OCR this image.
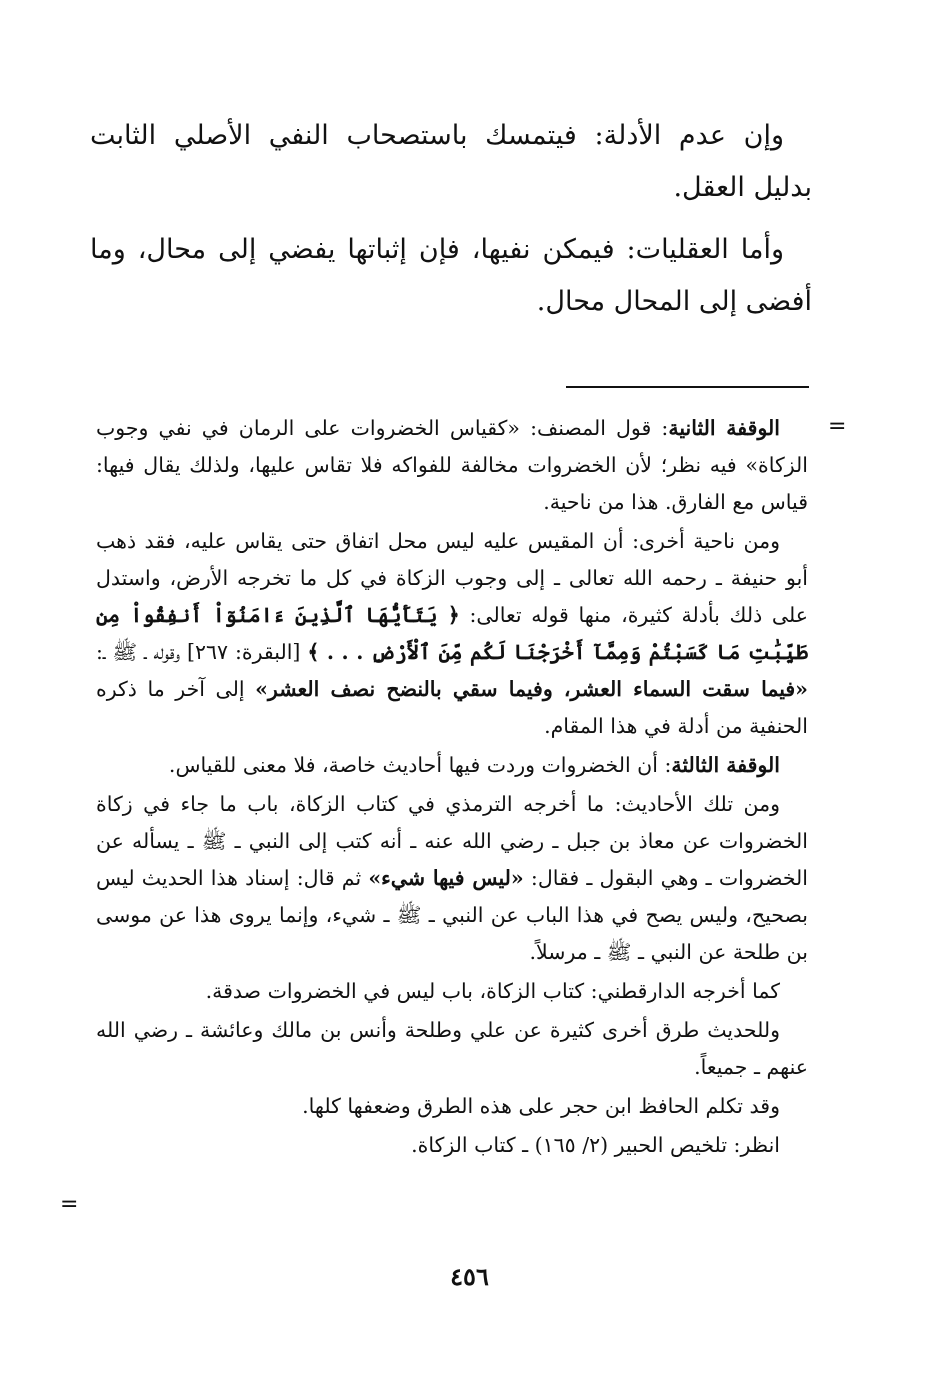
وإن عدم الأدلة: فيتمسك باستصحاب النفي الأصلي الثابت بدليل العقل.

وأما العقليات: فيمكن نفيها، فإن إثباتها يفضي إلى محال، وما أفضى إلى المحال محال.

=

الوقفة الثانية: قول المصنف: «كقياس الخضروات على الرمان في نفي وجوب الزكاة» فيه نظر؛ لأن الخضروات مخالفة للفواكه فلا تقاس عليها، ولذلك يقال فيها: قياس مع الفارق. هذا من ناحية.

ومن ناحية أخرى: أن المقيس عليه ليس محل اتفاق حتى يقاس عليه، فقد ذهب أبو حنيفة ـ رحمه الله تعالى ـ إلى وجوب الزكاة في كل ما تخرجه الأرض، واستدل على ذلك بأدلة كثيرة، منها قوله تعالى: ﴿ يَتَأَيُّهَا ٱلَّذِينَ ءَامَنُوٓاْ أَنفِقُواْ مِن طَيِّبَٰتِ مَا كَسَبْتُمْ وَمِمَّآ أَخْرَجْنَا لَكُم مِّنَ ٱلْأَرْضِ . . . ﴾ [البقرة: ٢٦٧] وقوله ـ ﷺ ـ: «فيما سقت السماء العشر، وفيما سقي بالنضح نصف العشر» إلى آخر ما ذكره الحنفية من أدلة في هذا المقام.

الوقفة الثالثة: أن الخضروات وردت فيها أحاديث خاصة، فلا معنى للقياس.

ومن تلك الأحاديث: ما أخرجه الترمذي في كتاب الزكاة، باب ما جاء في زكاة الخضروات عن معاذ بن جبل ـ رضي الله عنه ـ أنه كتب إلى النبي ـ ﷺ ـ يسأله عن الخضروات ـ وهي البقول ـ فقال: «ليس فيها شيء» ثم قال: إسناد هذا الحديث ليس بصحيح، وليس يصح في هذا الباب عن النبي ـ ﷺ ـ شيء، وإنما يروى هذا عن موسى بن طلحة عن النبي ـ ﷺ ـ مرسلاً.

كما أخرجه الدارقطني: كتاب الزكاة، باب ليس في الخضروات صدقة.

وللحديث طرق أخرى كثيرة عن علي وطلحة وأنس بن مالك وعائشة ـ رضي الله عنهم ـ جميعاً.

وقد تكلم الحافظ ابن حجر على هذه الطرق وضعفها كلها.

انظر: تلخيص الحبير (٢/ ١٦٥) ـ كتاب الزكاة.

=
٤٥٦
